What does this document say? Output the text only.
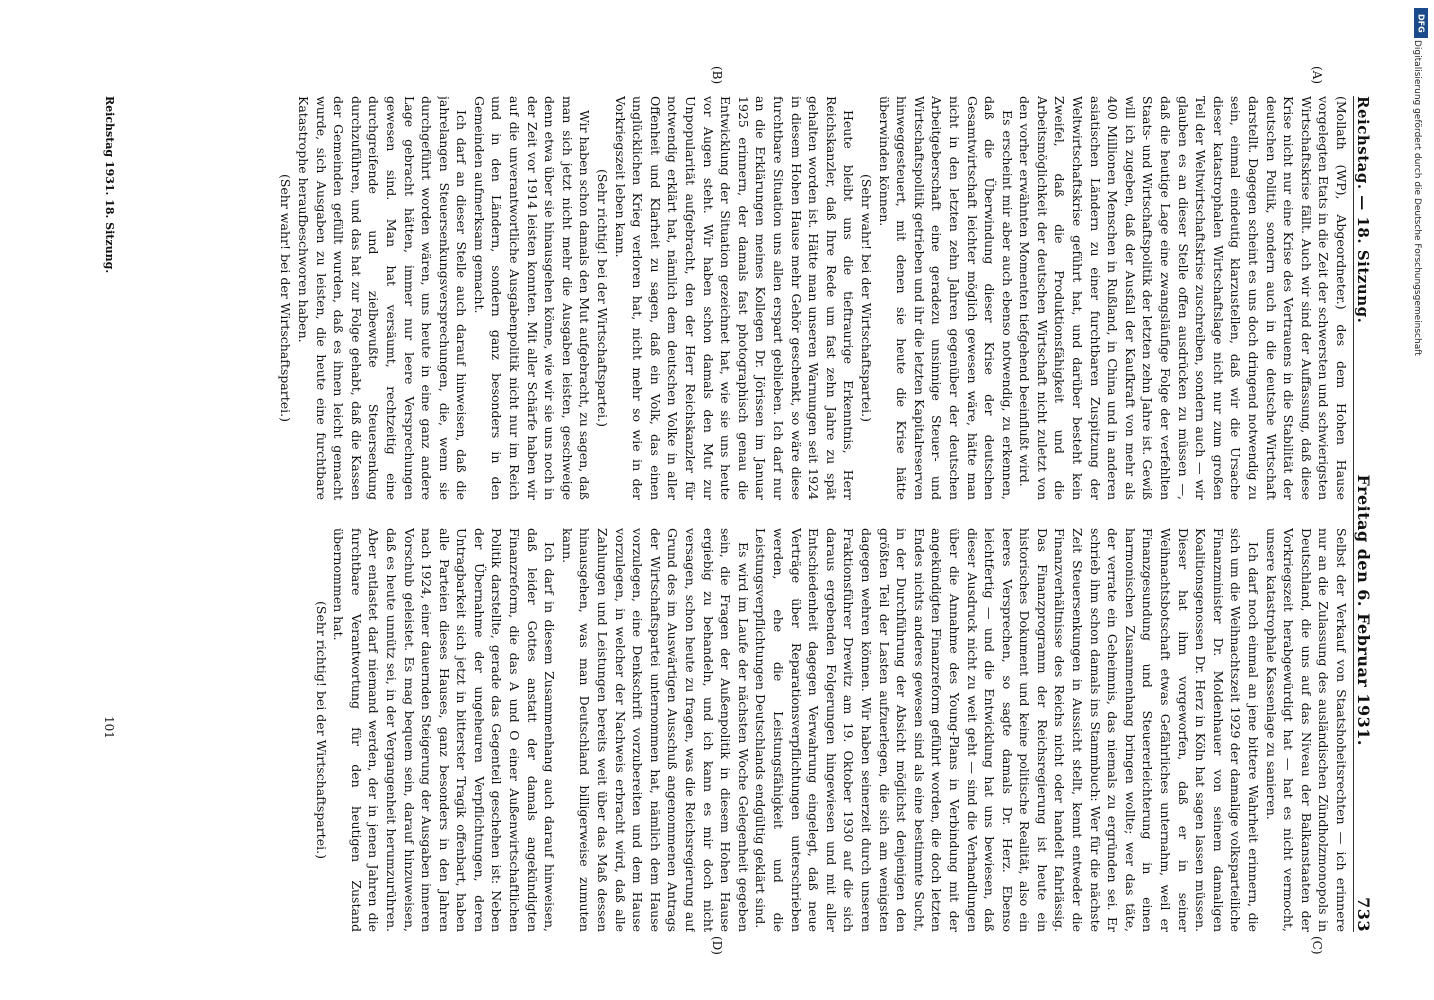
DFG
Digitalisierung gefördert durch die Deutsche Forschungsgemeinschaft
Reichstag. — 18. Sitzung.
Freitag den 6. Februar 1931.
733

(Mollath (WP), Abgeordneter.) des dem Hohen Hause vorgelegten Etats in die Zeit der schwersten und schwierigsten Wirtschaftskrise fällt. Auch wir sind der Auffassung, daß diese Krise nicht nur eine Krise des Vertrauens in die Stabilität der deutschen Politik, sondern auch in die deutsche Wirtschaft darstellt. Dagegen scheint es uns doch dringend notwendig zu sein, einmal eindeutig klarzustellen, daß wir die Ursache dieser katastrophalen Wirtschaftslage nicht nur zum großen Teil der Weltwirtschaftskrise zuschreiben, sondern auch — wir glauben es an dieser Stelle offen ausdrücken zu müssen —, daß die heutige Lage eine zwangsläufige Folge der verfehlten Staats- und Wirtschaftspolitik der letzten zehn Jahre ist. Gewiß will ich zugeben, daß der Ausfall der Kaufkraft von mehr als 400 Millionen Menschen in Rußland, in China und in anderen asiatischen Ländern zu einer furchtbaren Zuspitzung der Weltwirtschaftskrise geführt hat, und darüber besteht kein Zweifel, daß die Produktionsfähigkeit und die Arbeitsmöglichkeit der deutschen Wirtschaft nicht zuletzt von den vorher erwähnten Momenten tiefgehend beeinflußt wird.

Es erscheint mir aber auch ebenso notwendig, zu erkennen, daß die Überwindung dieser Krise der deutschen Gesamtwirtschaft leichter möglich gewesen wäre, hätte man nicht in den letzten zehn Jahren gegenüber der deutschen Arbeitgeberschaft eine geradezu unsinnige Steuer- und Wirtschaftspolitik getrieben und ihr die letzten Kapitalreserven hinweggesteuert, mit denen sie heute die Krise hätte überwinden können.

(Sehr wahr! bei der Wirtschaftspartei.)

Heute bleibt uns die tieftraurige Erkenntnis, Herr Reichskanzler, daß Ihre Rede um fast zehn Jahre zu spät gehalten worden ist. Hätte man unseren Warnungen seit 1924 in diesem Hohen Hause mehr Gehör geschenkt, so wäre diese furchtbare Situation uns allen erspart geblieben. Ich darf nur an die Erklärungen meines Kollegen Dr. Jörissen im Januar 1925 erinnern, der damals fast photographisch genau die Entwicklung der Situation gezeichnet hat, wie sie uns heute vor Augen steht. Wir haben schon damals den Mut zur Unpopularität aufgebracht, den der Herr Reichskanzler für notwendig erklärt hat, nämlich dem deutschen Volke in aller Offenheit und Klarheit zu sagen, daß ein Volk, das einen unglücklichen Krieg verloren hat, nicht mehr so wie in der Vorkriegszeit leben kann.

(Sehr richtig! bei der Wirtschaftspartei.)

Wir haben schon damals den Mut aufgebracht, zu sagen, daß man sich jetzt nicht mehr die Ausgaben leisten, geschweige denn etwa über sie hinausgehen könne, wie wir sie uns noch in der Zeit vor 1914 leisten konnten. Mit aller Schärfe haben wir auf die unverantwortliche Ausgabenpolitik nicht nur im Reich und in den Ländern, sondern ganz besonders in den Gemeinden aufmerksam gemacht.

Ich darf an dieser Stelle auch darauf hinweisen, daß die jahrelangen Steuersenkungsversprechungen, die, wenn sie durchgeführt worden wären, uns heute in eine ganz andere Lage gebracht hätten, immer nur leere Versprechungen gewesen sind. Man hat versäumt, rechtzeitig eine durchgreifende und zielbewußte Steuersenkung durchzuführen, und das hat zur Folge gehabt, daß die Kassen der Gemeinden gefüllt wurden, daß es ihnen leicht gemacht wurde, sich Ausgaben zu leisten, die heute eine furchtbare Katastrophe heraufbeschworen haben.

(Sehr wahr! bei der Wirtschaftspartei.)

Selbst der Verkauf von Staatshoheitsrechten — ich erinnere nur an die Zulassung des ausländischen Zündholzmonopols in Deutschland, die uns auf das Niveau der Balkanstaaten der Vorkriegszeit herabgewürdigt hat — hat es nicht vermocht, unsere katastrophale Kassenlage zu sanieren.

Ich darf noch einmal an jene bittere Wahrheit erinnern, die sich um die Weihnachtszeit 1929 der damalige volksparteiliche Finanzminister Dr. Moldenhauer von seinem damaligen Koalitionsgenossen Dr. Herz in Köln hat sagen lassen müssen. Dieser hat ihm vorgeworfen, daß er in seiner Weihnachtsbotschaft etwas Gefährliches unternahm, weil er Finanzgesundung und Steuererleichterung in einen harmonischen Zusammenhang bringen wollte; wer das täte, der verrate ein Geheimnis, das niemals zu ergründen sei. Er schrieb ihm schon damals ins Stammbuch: Wer für die nächste Zeit Steuersenkungen in Aussicht stellt, kennt entweder die Finanzverhältnisse des Reichs nicht oder handelt fahrlässig. Das Finanzprogramm der Reichsregierung ist heute ein historisches Dokument und keine politische Realität, also ein leeres Versprechen, so sagte damals Dr. Herz. Ebenso leichtfertig — und die Entwicklung hat uns bewiesen, daß dieser Ausdruck nicht zu weit geht — sind die Verhandlungen über die Annahme des Young-Plans in Verbindung mit der angekündigten Finanzreform geführt worden, die doch letzten Endes nichts anderes gewesen sind als eine bestimmte Sucht, in der Durchführung der Absicht möglichst denjenigen den größten Teil der Lasten aufzuerlegen, die sich am wenigsten dagegen wehren können. Wir haben seinerzeit durch unseren Fraktionsführer Drewitz am 19. Oktober 1930 auf die sich daraus ergebenden Folgerungen hingewiesen und mit aller Entschiedenheit dagegen Verwahrung eingelegt, daß neue Verträge über Reparationsverpflichtungen unterschrieben werden, ehe die Leistungsfähigkeit und die Leistungsverpflichtungen Deutschlands endgültig geklärt sind.

Es wird im Laufe der nächsten Woche Gelegenheit gegeben sein, die Fragen der Außenpolitik in diesem Hohen Hause ergiebig zu behandeln, und ich kann es mir doch nicht versagen, schon heute zu fragen, was die Reichsregierung auf Grund des im Auswärtigen Ausschuß angenommenen Antrags der Wirtschaftspartei unternommen hat, nämlich dem Hause vorzulegen, eine Denkschrift vorzubereiten und dem Hause vorzulegen, in welcher der Nachweis erbracht wird, daß alle Zahlungen und Leistungen bereits weit über das Maß dessen hinausgehen, was man Deutschland billigerweise zumuten kann.

Ich darf in diesem Zusammenhang auch darauf hinweisen, daß leider Gottes anstatt der damals angekündigten Finanzreform, die das A und O einer Außenwirtschaftlichen Politik darstellte, gerade das Gegenteil geschehen ist: Neben der Übernahme der ungeheuren Verpflichtungen, deren Untragbarkeit sich jetzt in bitterster Tragik offenbart, haben alle Parteien dieses Hauses, ganz besonders in den Jahren nach 1924, einer dauernden Steigerung der Ausgaben inneren Vorschub geleistet. Es mag bequem sein, darauf hinzuweisen, daß es heute unnütz sei, in der Vergangenheit herumzurühren. Aber entlastet darf niemand werden, der in jenen Jahren die furchtbare Verantwortung für den heutigen Zustand übernommen hat.

(Sehr richtig! bei der Wirtschaftspartei.)

(A)
(B)
(C)
(D)
Reichstag 1931. 18. Sitzung.
101
